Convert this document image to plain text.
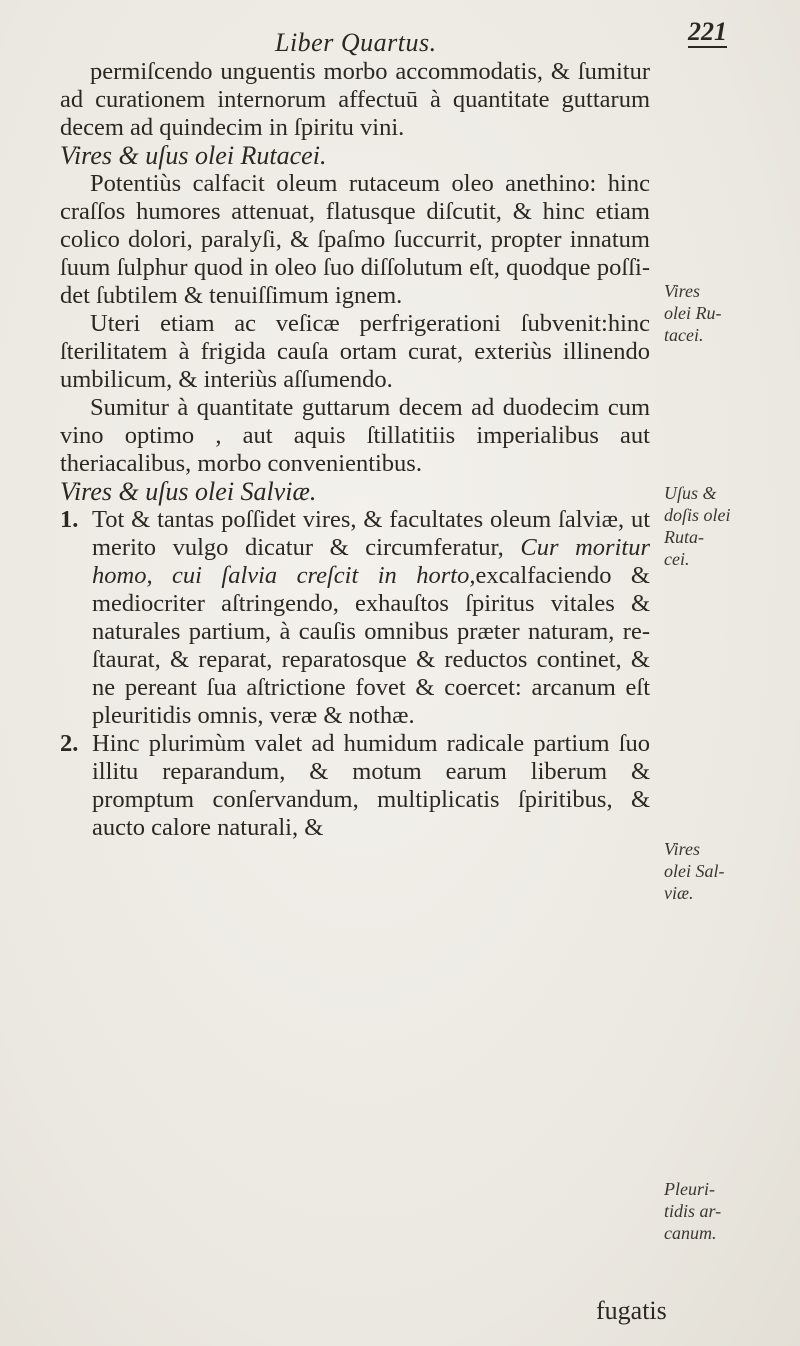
Liber Quartus.	221

permiſcendo unguentis morbo accommodatis, & ſumitur ad curationem internorum affectuū à quantitate guttarum decem ad quindecim in ſpiritu vini.

Vires & uſus olei Rutacei.

Potentiùs calfacit oleum rutaceum oleo anethino: hinc craſſos humores attenuat, flatusque diſcutit, & hinc etiam colico dolori, paralyſi, & ſpaſmo ſuccurrit, propter innatum ſuum ſulphur quod in oleo ſuo diſſolutum eſt, quodque poſſidet ſubtilem & tenuiſſimum ignem.

Uteri etiam ac veſicæ perfrigerationi ſubvenit:hinc ſterilitatem à frigida cauſa ortam curat, exteriùs illinendo umbilicum, & interiùs aſſumendo.

Sumitur à quantitate guttarum decem ad duodecim cum vino optimo , aut aquis ſtillatitiis imperialibus aut theriacalibus, morbo convenientibus.

Vires & uſus olei Salviæ.

1. Tot & tantas poſſidet vires, & facultates oleum ſalviæ, ut merito vulgo dicatur & circumferatur, Cur moritur homo, cui ſalvia creſcit in horto,excalfaciendo & mediocriter aſtringendo, exhauſtos ſpiritus vitales & naturales partium, à cauſis omnibus præter naturam, reſtaurat, & reparat, reparatosque & reductos continet, & ne pereant ſua aſtrictione fovet & coercet: arcanum eſt pleuritidis omnis, veræ & nothæ.

2. Hinc plurimùm valet ad humidum radicale partium ſuo illitu reparandum, & motum earum liberum & promptum conſervandum, multiplicatis ſpiritibus, & aucto calore naturali, &

Vires
olei Ru-
tacei.
Uſus &
doſis olei
Ruta-
cei.
Vires
olei Sal-
viæ.
Pleuri-
tidis ar-
canum.
fugatis
